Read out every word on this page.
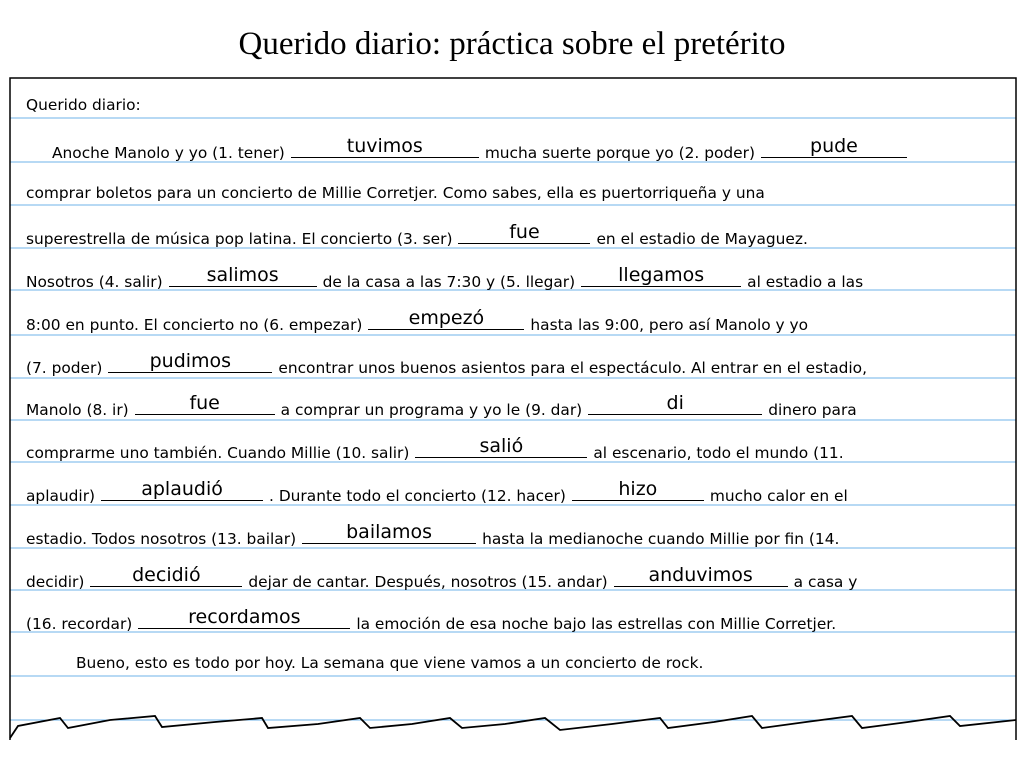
Querido diario: práctica sobre el pretérito
Querido diario:
Anoche Manolo y yo (1. tener)	tuvimos	mucha suerte porque yo (2. poder)	pude
comprar boletos para un concierto de Millie Corretjer. Como sabes, ella es puertorriqueña y una
superestrella de música pop latina. El concierto (3. ser)	fue	en el estadio de Mayaguez.
Nosotros (4. salir)	salimos	de la casa a las 7:30 y (5. llegar)	llegamos	al estadio a las
8:00 en punto. El concierto no (6. empezar)	empezó	hasta las 9:00, pero así Manolo y yo
(7. poder)	pudimos	encontrar unos buenos asientos para el espectáculo. Al entrar en el estadio,
Manolo (8. ir)	fue	a comprar un programa y yo le (9. dar)	di	dinero para
comprarme uno también. Cuando Millie (10. salir)	salió	al escenario, todo el mundo (11.
aplaudir)	aplaudió	. Durante todo el concierto (12. hacer)	hizo	mucho calor en el
estadio. Todos nosotros (13. bailar)	bailamos	hasta la medianoche cuando Millie por fin (14.
decidir)	decidió	dejar de cantar. Después, nosotros (15. andar)	anduvimos	a casa y
(16. recordar)	recordamos	la emoción de esa noche bajo las estrellas con Millie Corretjer.
Bueno, esto es todo por hoy. La semana que viene vamos a un concierto de rock.
